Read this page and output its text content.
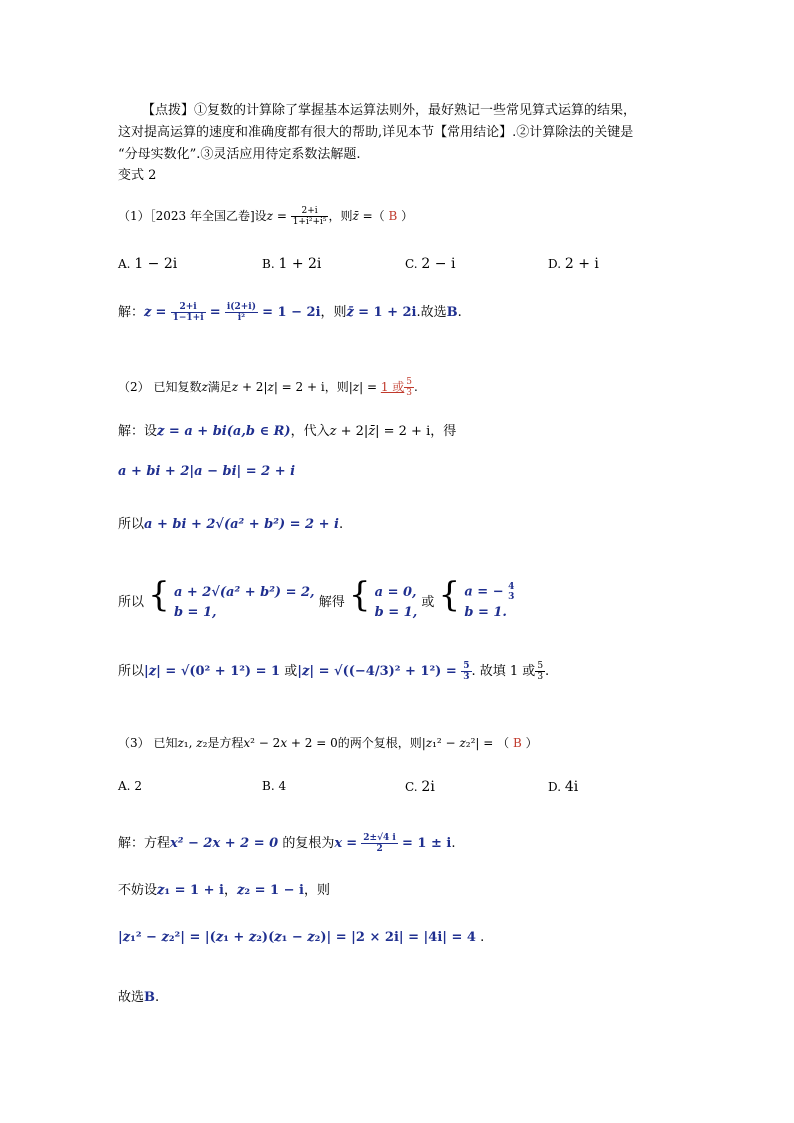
【点拨】①复数的计算除了掌握基本运算法则外，最好熟记一些常见算式运算的结果，
这对提高运算的速度和准确度都有很大的帮助,详见本节【常用结论】.②计算除法的关键是
“分母实数化”.③灵活应用待定系数法解题.
变式 2
（1）［2023 年全国乙卷]设$z = \frac{2+i}{\text{1+i²+i⁵}}$ ，则z̄ =（ B ）
A. 1 − 2i	B. 1 + 2i	C. 2 − i	D. 2 + i
解：$z = \frac{2+i}{1-1+i} = \frac{i(2+i)}{\text{i²}} = 1 - 2i$，则z̄ = 1 + 2i.故选B.
（2） 已知复数z满足z + 2|z| = 2 + i，则|z| = 1 或 $\frac{5}{3}$ .
解：设z = a + bi(a,b ∈ R)，代入z + 2|z̄| = 2 + i，得
a + bi + 2|a − bi| = 2 + i
所以a + bi + 2√(a² + b²) = 2 + i.
所以 { a + 2√(a² + b²) = 2,
b = 1, 解得 { a = 0,
b = 1, 或 { a = − 4
3
b = 1.
所以|z| = √(0² + 1²) = 1 或$|z| = √((-4/3)^2 + 1^2) = \frac{5}{3}$ . 故填 1 或 $\frac{5}{3}$ .
（3） 已知z₁, z₂是方程x² − 2x + 2 = 0的两个复根，则|z₁² − z₂²| = （ B ）
A. 2	B. 4	C. 2i	D. 4i
解：方程x² − 2x + 2 = 0 的复根为$x = \frac{2\pm√4 i}{2} = 1 \pm i$.
不妨设z₁ = 1 + i，z₂ = 1 − i，则
|z₁² − z₂²| = |(z₁ + z₂)(z₁ − z₂)| = |2 × 2i| = |4i| = 4 .
故选B.
